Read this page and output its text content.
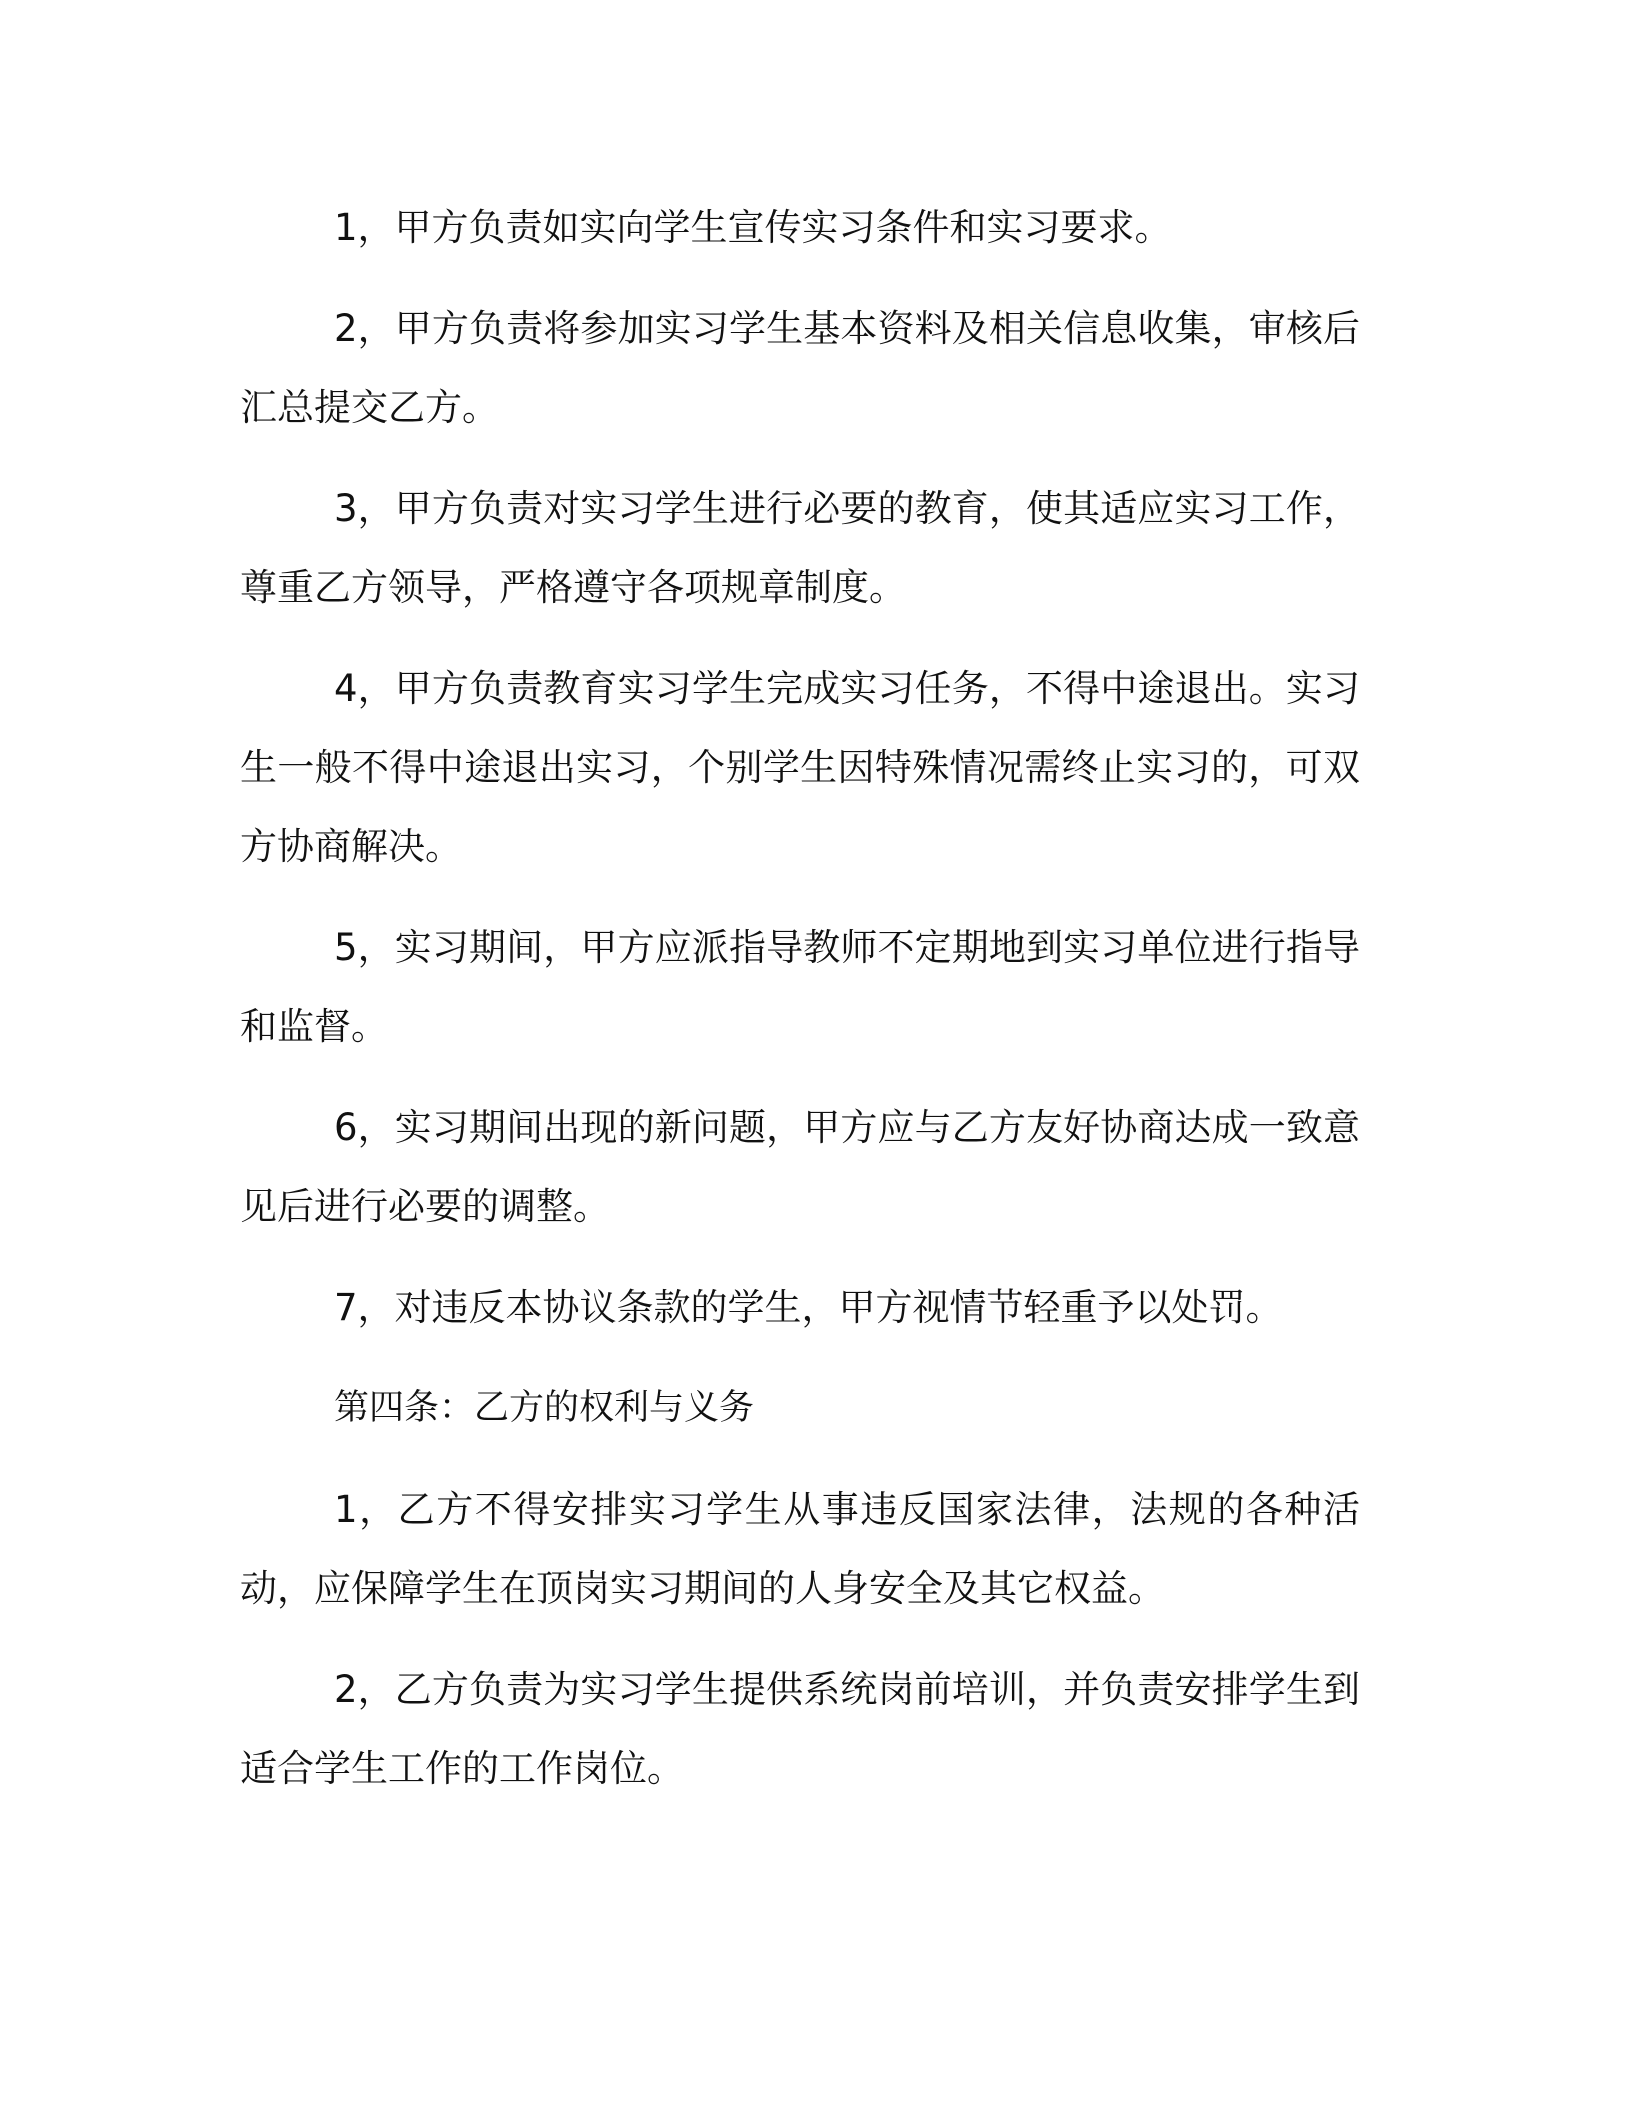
1，甲方负责如实向学生宣传实习条件和实习要求。

2，甲方负责将参加实习学生基本资料及相关信息收集，审核后汇总提交乙方。

3，甲方负责对实习学生进行必要的教育，使其适应实习工作，尊重乙方领导，严格遵守各项规章制度。

4，甲方负责教育实习学生完成实习任务，不得中途退出。实习生一般不得中途退出实习，个别学生因特殊情况需终止实习的，可双方协商解决。

5，实习期间，甲方应派指导教师不定期地到实习单位进行指导和监督。

6，实习期间出现的新问题，甲方应与乙方友好协商达成一致意见后进行必要的调整。

7，对违反本协议条款的学生，甲方视情节轻重予以处罚。

第四条：乙方的权利与义务

1，乙方不得安排实习学生从事违反国家法律，法规的各种活动，应保障学生在顶岗实习期间的人身安全及其它权益。

2，乙方负责为实习学生提供系统岗前培训，并负责安排学生到适合学生工作的工作岗位。
